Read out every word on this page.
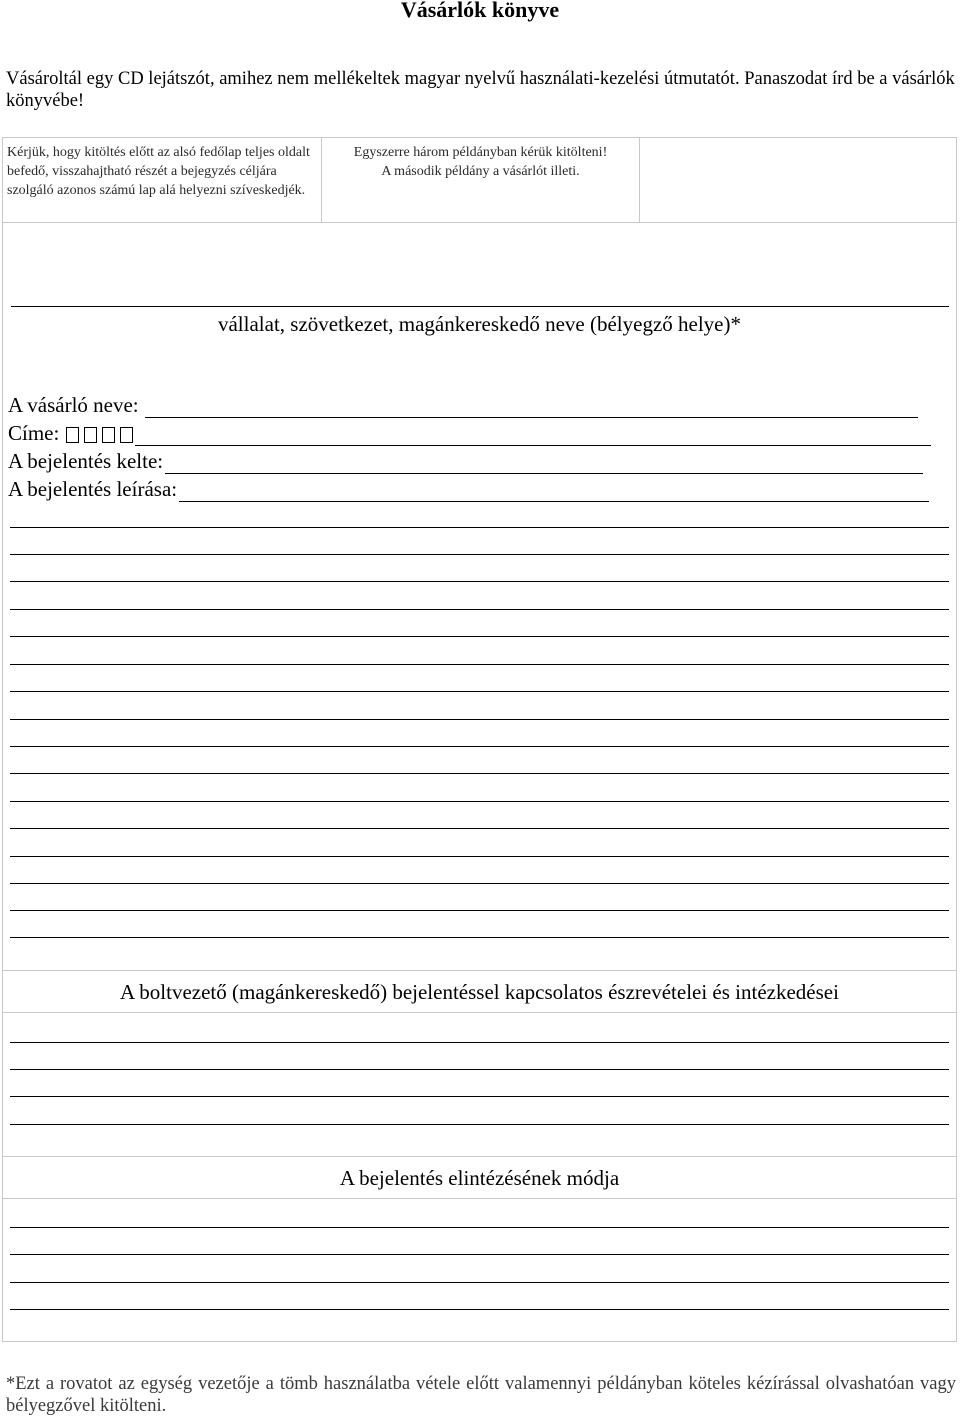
Vásárlók könyve

Vásároltál egy CD lejátszót, amihez nem mellékeltek magyar nyelvű használati-kezelési útmutatót. Panaszodat írd be a vásárlók könyvébe!

Kérjük, hogy kitöltés előtt az alsó fedőlap teljes oldalt befedő, visszahajtható részét a bejegyzés céljára szolgáló azonos számú lap alá helyezni szíveskedjék.
Egyszerre három példányban kérük kitölteni!
A második példány a vásárlót illeti.

vállalat, szövetkezet, magánkereskedő neve (bélyegző helye)*

A vásárló neve:
Címe:
A bejelentés kelte:
A bejelentés leírása:

A boltvezető (magánkereskedő) bejelentéssel kapcsolatos észrevételei és intézkedései

A bejelentés elintézésének módja

*Ezt a rovatot az egység vezetője a tömb használatba vétele előtt valamennyi példányban köteles kézírással olvashatóan vagy bélyegzővel kitölteni.
